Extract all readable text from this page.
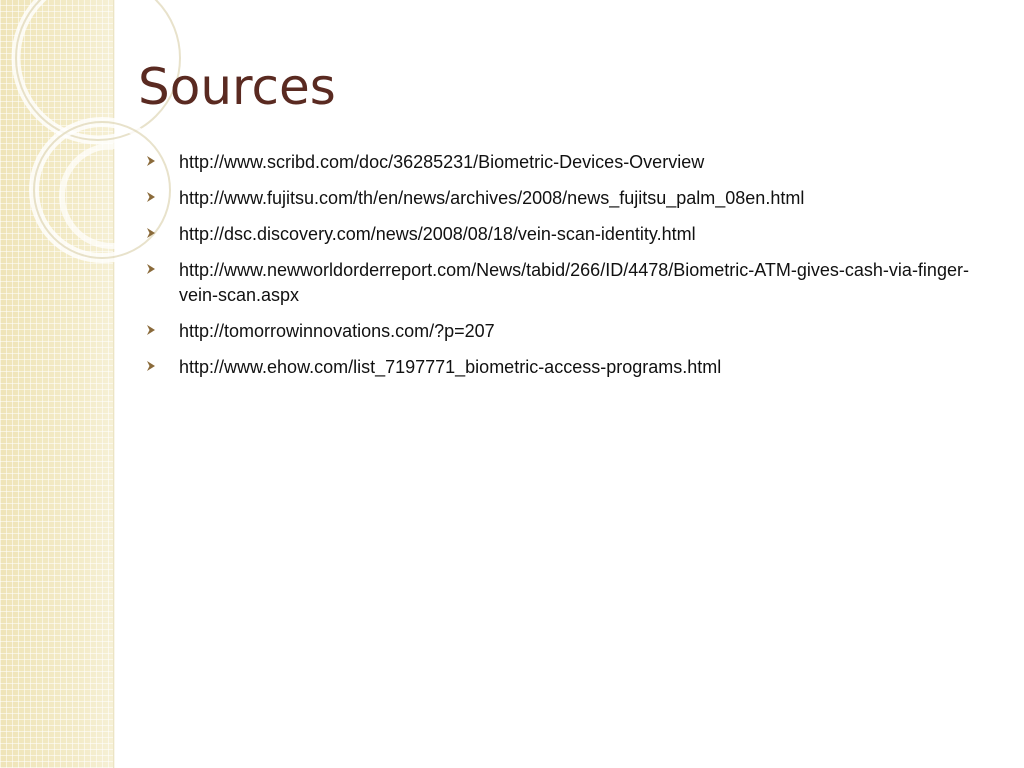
Sources
http://www.scribd.com/doc/36285231/Biometric-Devices-Overview
http://www.fujitsu.com/th/en/news/archives/2008/news_fujitsu_palm_08en.html
http://dsc.discovery.com/news/2008/08/18/vein-scan-identity.html
http://www.newworldorderreport.com/News/tabid/266/ID/4478/Biometric-ATM-gives-cash-via-finger-vein-scan.aspx
http://tomorrowinnovations.com/?p=207
http://www.ehow.com/list_7197771_biometric-access-programs.html
